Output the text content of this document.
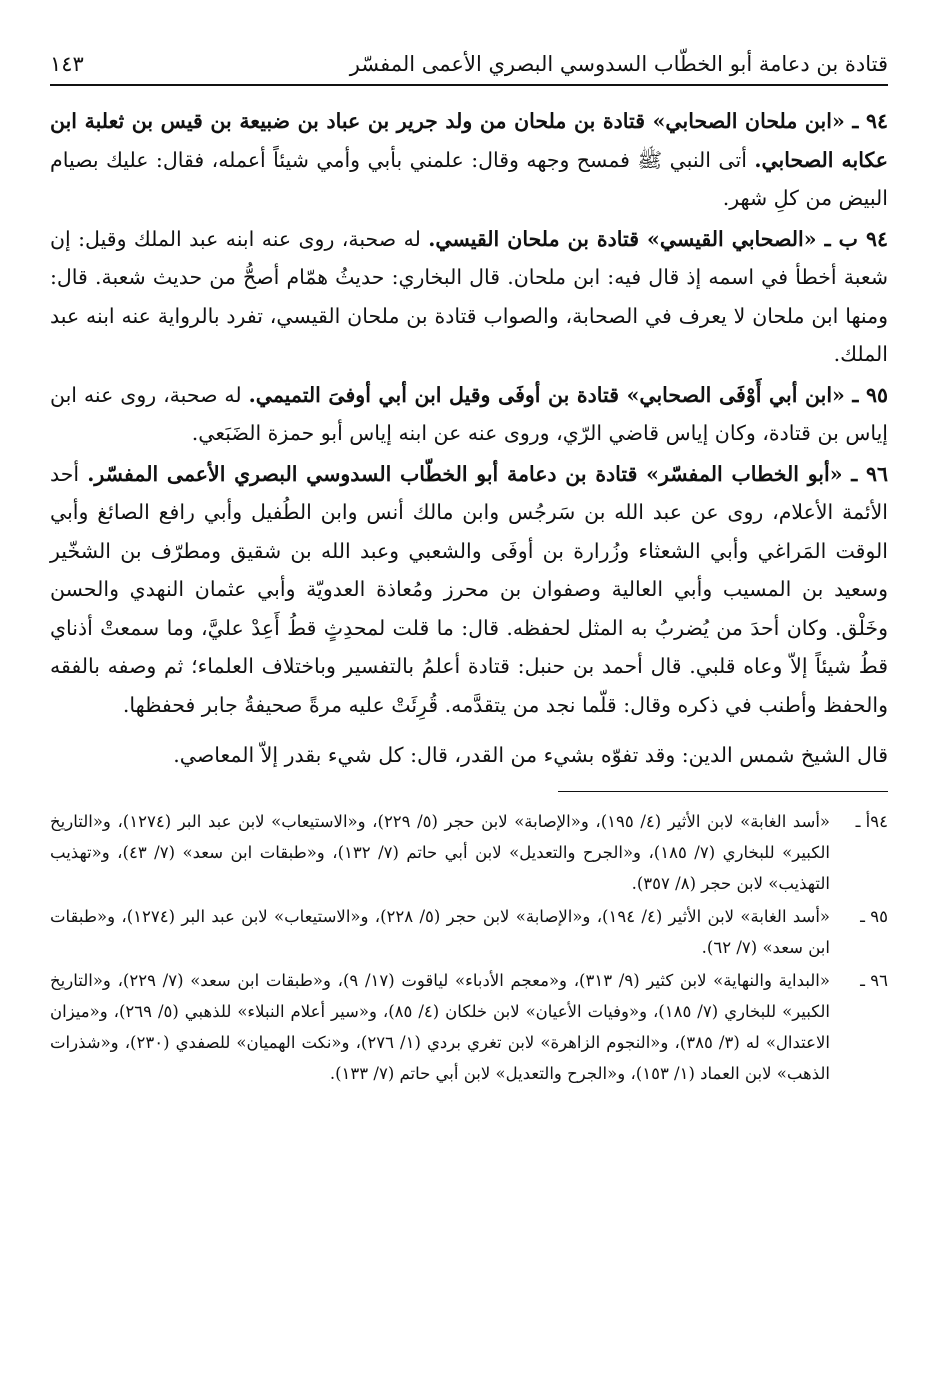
قتادة بن دعامة أبو الخطّاب السدوسي البصري الأعمى المفسّر
١٤٣

٩٤ ـ «ابن ملحان الصحابي» قتادة بن ملحان من ولد جرير بن عباد بن ضبيعة بن قيس بن ثعلبة ابن عكابه الصحابي. أتى النبي ﷺ فمسح وجهه وقال: علمني بأبي وأمي شيئاً أعمله، فقال: عليك بصيام البيض من كلِ شهر.

٩٤ ب ـ «الصحابي القيسي» قتادة بن ملحان القيسي. له صحبة، روى عنه ابنه عبد الملك وقيل: إن شعبة أخطأ في اسمه إذ قال فيه: ابن ملحان. قال البخاري: حديثُ همّام أصحُّ من حديث شعبة. قال: ومنها ابن ملحان لا يعرف في الصحابة، والصواب قتادة بن ملحان القيسي، تفرد بالرواية عنه ابنه عبد الملك.

٩٥ ـ «ابن أبي أَوْفَى الصحابي» قتادة بن أوفَى وقيل ابن أبي أوفىَ التميمي. له صحبة، روى عنه ابن إياس بن قتادة، وكان إياس قاضي الرّي، وروى عنه عن ابنه إياس أبو حمزة الضَبَعي.

٩٦ ـ «أبو الخطاب المفسّر» قتادة بن دعامة أبو الخطّاب السدوسي البصري الأعمى المفسّر. أحد الأئمة الأعلام، روى عن عبد الله بن سَرجُس وابن مالك أنس وابن الطُفيل وأبي رافع الصائغ وأبي الوقت المَراغي وأبي الشعثاء وزُرارة بن أوفَى والشعبي وعبد الله بن شقيق ومطرّف بن الشخّير وسعيد بن المسيب وأبي العالية وصفوان بن محرز ومُعاذة العدويّة وأبي عثمان النهدي والحسن وخَلْق. وكان أحدَ من يُضربُ به المثل لحفظه. قال: ما قلت لمحدِثٍ قطُ أَعِدْ عليَّ، وما سمعتْ أذناي قطُ شيئاً إلاّ وعاه قلبي. قال أحمد بن حنبل: قتادة أعلمُ بالتفسير وباختلاف العلماء؛ ثم وصفه بالفقه والحفظ وأطنب في ذكره وقال: قلّما نجد من يتقدَّمه. قُرِئَتْ عليه مرةً صحيفةُ جابر فحفظها.

قال الشيخ شمس الدين: وقد تفوّه بشيء من القدر، قال: كل شيء بقدر إلاّ المعاصي.

٩٤أ ـ
«أسد الغابة» لابن الأثير (٤/ ١٩٥)، و«الإصابة» لابن حجر (٥/ ٢٢٩)، و«الاستيعاب» لابن عبد البر (١٢٧٤)، و«التاريخ الكبير» للبخاري (٧/ ١٨٥)، و«الجرح والتعديل» لابن أبي حاتم (٧/ ١٣٢)، و«طبقات ابن سعد» (٧/ ٤٣)، و«تهذيب التهذيب» لابن حجر (٨/ ٣٥٧).
٩٥ ـ
«أسد الغابة» لابن الأثير (٤/ ١٩٤)، و«الإصابة» لابن حجر (٥/ ٢٢٨)، و«الاستيعاب» لابن عبد البر (١٢٧٤)، و«طبقات ابن سعد» (٧/ ٦٢).
٩٦ ـ
«البداية والنهاية» لابن كثير (٩/ ٣١٣)، و«معجم الأدباء» لياقوت (١٧/ ٩)، و«طبقات ابن سعد» (٧/ ٢٢٩)، و«التاريخ الكبير» للبخاري (٧/ ١٨٥)، و«وفيات الأعيان» لابن خلكان (٤/ ٨٥)، و«سير أعلام النبلاء» للذهبي (٥/ ٢٦٩)، و«ميزان الاعتدال» له (٣/ ٣٨٥)، و«النجوم الزاهرة» لابن تغري بردي (١/ ٢٧٦)، و«نكت الهميان» للصفدي (٢٣٠)، و«شذرات الذهب» لابن العماد (١/ ١٥٣)، و«الجرح والتعديل» لابن أبي حاتم (٧/ ١٣٣).
